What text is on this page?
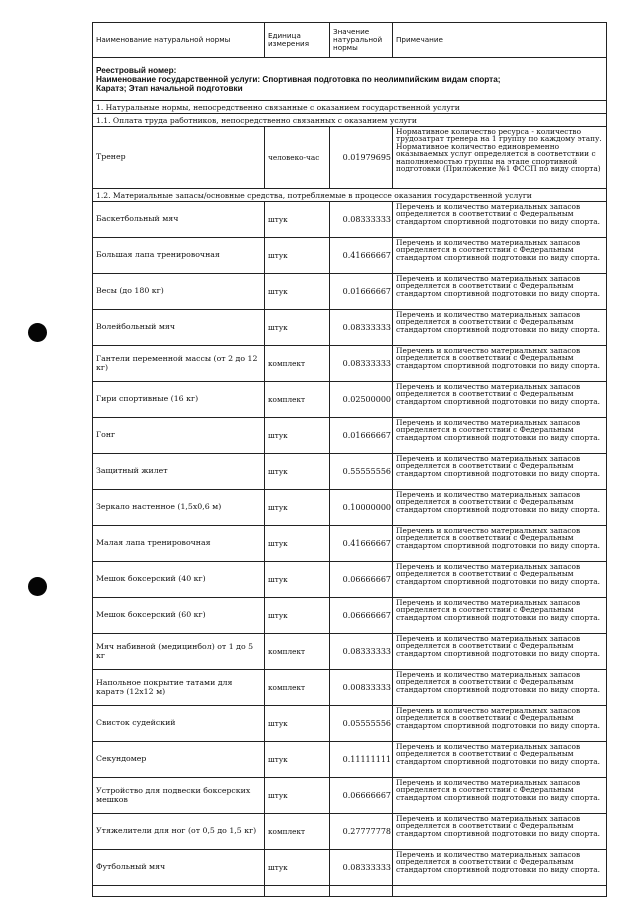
Наименование натуральной нормы	Единица измерения	Значение натуральной нормы	Примечание

Реестровый номер:
Наименование государственной услуги: Спортивная подготовка по неолимпийским видам спорта;
Каратэ; Этап начальной подготовки			

1. Натуральные нормы, непосредственно связанные с оказанием государственной услуги			
1.1. Оплата труда работников, непосредственно связанных с оказанием услуги			
Тренер	человеко-час	0.01979695	Нормативное количество ресурса - количество трудозатрат тренера на 1 группу по каждому этапу. Нормативное количество единовременно оказываемых услуг определяется в соответствии с наполняемостью группы на этапе спортивной подготовки (Приложение №1 ФССП по виду спорта)
1.2. Материальные запасы/основные средства, потребляемые в процессе оказания государственной услуги			
Баскетбольный мяч	штук	0.08333333	Перечень и количество материальных запасов определяется в соответствии с Федеральным стандартом спортивной подготовки по виду спорта.
Большая лапа тренировочная	штук	0.41666667	Перечень и количество материальных запасов определяется в соответствии с Федеральным стандартом спортивной подготовки по виду спорта.
Весы (до 180 кг)	штук	0.01666667	Перечень и количество материальных запасов определяется в соответствии с Федеральным стандартом спортивной подготовки по виду спорта.
Волейбольный мяч	штук	0.08333333	Перечень и количество материальных запасов определяется в соответствии с Федеральным стандартом спортивной подготовки по виду спорта.
Гантели переменной массы (от 2 до 12 кг)	комплект	0.08333333	Перечень и количество материальных запасов определяется в соответствии с Федеральным стандартом спортивной подготовки по виду спорта.
Гири спортивные (16 кг)	комплект	0.02500000	Перечень и количество материальных запасов определяется в соответствии с Федеральным стандартом спортивной подготовки по виду спорта.
Гонг	штук	0.01666667	Перечень и количество материальных запасов определяется в соответствии с Федеральным стандартом спортивной подготовки по виду спорта.
Защитный жилет	штук	0.55555556	Перечень и количество материальных запасов определяется в соответствии с Федеральным стандартом спортивной подготовки по виду спорта.
Зеркало настенное (1,5х0,6 м)	штук	0.10000000	Перечень и количество материальных запасов определяется в соответствии с Федеральным стандартом спортивной подготовки по виду спорта.
Малая лапа тренировочная	штук	0.41666667	Перечень и количество материальных запасов определяется в соответствии с Федеральным стандартом спортивной подготовки по виду спорта.
Мешок боксерский (40 кг)	штук	0.06666667	Перечень и количество материальных запасов определяется в соответствии с Федеральным стандартом спортивной подготовки по виду спорта.
Мешок боксерский (60 кг)	штук	0.06666667	Перечень и количество материальных запасов определяется в соответствии с Федеральным стандартом спортивной подготовки по виду спорта.
Мяч набивной (медицинбол) от 1 до 5 кг	комплект	0.08333333	Перечень и количество материальных запасов определяется в соответствии с Федеральным стандартом спортивной подготовки по виду спорта.
Напольное покрытие татами для каратэ (12х12 м)	комплект	0.00833333	Перечень и количество материальных запасов определяется в соответствии с Федеральным стандартом спортивной подготовки по виду спорта.
Свисток судейский	штук	0.05555556	Перечень и количество материальных запасов определяется в соответствии с Федеральным стандартом спортивной подготовки по виду спорта.
Секундомер	штук	0.11111111	Перечень и количество материальных запасов определяется в соответствии с Федеральным стандартом спортивной подготовки по виду спорта.
Устройство для подвески боксерских мешков	штук	0.06666667	Перечень и количество материальных запасов определяется в соответствии с Федеральным стандартом спортивной подготовки по виду спорта.
Утяжелители для ног (от 0,5 до 1,5 кг)	комплект	0.27777778	Перечень и количество материальных запасов определяется в соответствии с Федеральным стандартом спортивной подготовки по виду спорта.
Футбольный мяч	штук	0.08333333	Перечень и количество материальных запасов определяется в соответствии с Федеральным стандартом спортивной подготовки по виду спорта.
